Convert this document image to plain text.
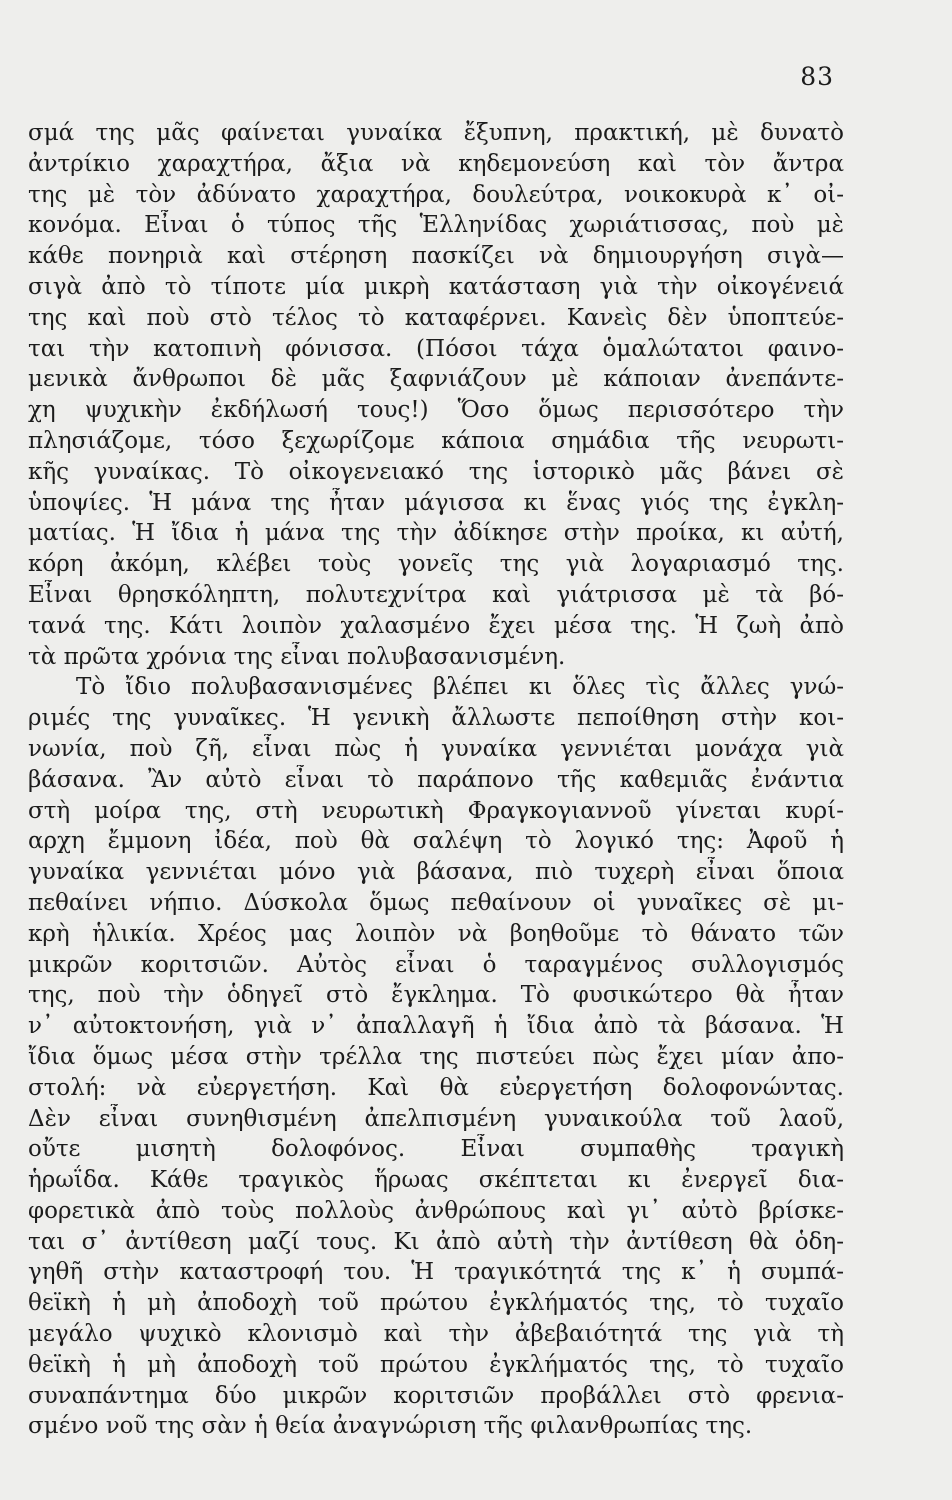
83
σμά της μᾶς φαίνεται γυναίκα ἔξυπνη, πρακτική, μὲ δυνατὸ
ἀντρίκιο χαραχτήρα, ἄξια νὰ κηδεμονεύση καὶ τὸν ἄντρα
της μὲ τὸν ἀδύνατο χαραχτήρα, δουλεύτρα, νοικοκυρὰ κ᾽ οἰ-
κονόμα. Εἶναι ὁ τύπος τῆς Ἑλληνίδας χωριάτισσας, ποὺ μὲ
κάθε πονηριὰ καὶ στέρηση πασκίζει νὰ δημιουργήση σιγὰ—
σιγὰ ἀπὸ τὸ τίποτε μία μικρὴ κατάσταση γιὰ τὴν οἰκογένειά
της καὶ ποὺ στὸ τέλος τὸ καταφέρνει. Κανεὶς δὲν ὑποπτεύε-
ται τὴν κατοπινὴ φόνισσα. (Πόσοι τάχα ὁμαλώτατοι φαινο-
μενικὰ ἄνθρωποι δὲ μᾶς ξαφνιάζουν μὲ κάποιαν ἀνεπάντε-
χη ψυχικὴν ἐκδήλωσή τους!) Ὅσο ὅμως περισσότερο τὴν
πλησιάζομε, τόσο ξεχωρίζομε κάποια σημάδια τῆς νευρωτι-
κῆς γυναίκας. Τὸ οἰκογενειακό της ἱστορικὸ μᾶς βάνει σὲ
ὑποψίες. Ἡ μάνα της ἦταν μάγισσα κι ἕνας γιός της ἐγκλη-
ματίας. Ἡ ἴδια ἡ μάνα της τὴν ἀδίκησε στὴν προίκα, κι αὐτή,
κόρη ἀκόμη, κλέβει τοὺς γονεῖς της γιὰ λογαριασμό της.
Εἶναι θρησκόληπτη, πολυτεχνίτρα καὶ γιάτρισσα μὲ τὰ βό-
τανά της. Κάτι λοιπὸν χαλασμένο ἔχει μέσα της. Ἡ ζωὴ ἀπὸ
τὰ πρῶτα χρόνια της εἶναι πολυβασανισμένη.
Τὸ ἴδιο πολυβασανισμένες βλέπει κι ὅλες τὶς ἄλλες γνώ-
ριμές της γυναῖκες. Ἡ γενικὴ ἄλλωστε πεποίθηση στὴν κοι-
νωνία, ποὺ ζῆ, εἶναι πὼς ἡ γυναίκα γεννιέται μονάχα γιὰ
βάσανα. Ἂν αὐτὸ εἶναι τὸ παράπονο τῆς καθεμιᾶς ἐνάντια
στὴ μοίρα της, στὴ νευρωτικὴ Φραγκογιαννοῦ γίνεται κυρί-
αρχη ἔμμονη ἰδέα, ποὺ θὰ σαλέψη τὸ λογικό της: Ἀφοῦ ἡ
γυναίκα γεννιέται μόνο γιὰ βάσανα, πιὸ τυχερὴ εἶναι ὅποια
πεθαίνει νήπιο. Δύσκολα ὅμως πεθαίνουν οἱ γυναῖκες σὲ μι-
κρὴ ἡλικία. Χρέος μας λοιπὸν νὰ βοηθοῦμε τὸ θάνατο τῶν
μικρῶν κοριτσιῶν. Αὐτὸς εἶναι ὁ ταραγμένος συλλογισμός
της, ποὺ τὴν ὁδηγεῖ στὸ ἔγκλημα. Τὸ φυσικώτερο θὰ ἦταν
ν᾽ αὐτοκτονήση, γιὰ ν᾽ ἀπαλλαγῆ ἡ ἴδια ἀπὸ τὰ βάσανα. Ἡ
ἴδια ὅμως μέσα στὴν τρέλλα της πιστεύει πὼς ἔχει μίαν ἀπο-
στολή: νὰ εὐεργετήση. Καὶ θὰ εὐεργετήση δολοφονώντας.
Δὲν εἶναι συνηθισμένη ἀπελπισμένη γυναικούλα τοῦ λαοῦ,
οὔτε μισητὴ δολοφόνος. Εἶναι συμπαθὴς τραγικὴ
ἡρωΐδα. Κάθε τραγικὸς ἥρωας σκέπτεται κι ἐνεργεῖ δια-
φορετικὰ ἀπὸ τοὺς πολλοὺς ἀνθρώπους καὶ γι᾽ αὐτὸ βρίσκε-
ται σ᾽ ἀντίθεση μαζί τους. Κι ἀπὸ αὐτὴ τὴν ἀντίθεση θὰ ὁδη-
γηθῆ στὴν καταστροφή του. Ἡ τραγικότητά της κ᾽ ἡ συμπά-
θεϊκὴ ἡ μὴ ἀποδοχὴ τοῦ πρώτου ἐγκλήματός της, τὸ τυχαῖο
μεγάλο ψυχικὸ κλονισμὸ καὶ τὴν ἀβεβαιότητά της γιὰ τὴ
θεϊκὴ ἡ μὴ ἀποδοχὴ τοῦ πρώτου ἐγκλήματός της, τὸ τυχαῖο
συναπάντημα δύο μικρῶν κοριτσιῶν προβάλλει στὸ φρενια-
σμένο νοῦ της σὰν ἡ θεία ἀναγνώριση τῆς φιλανθρωπίας της.
